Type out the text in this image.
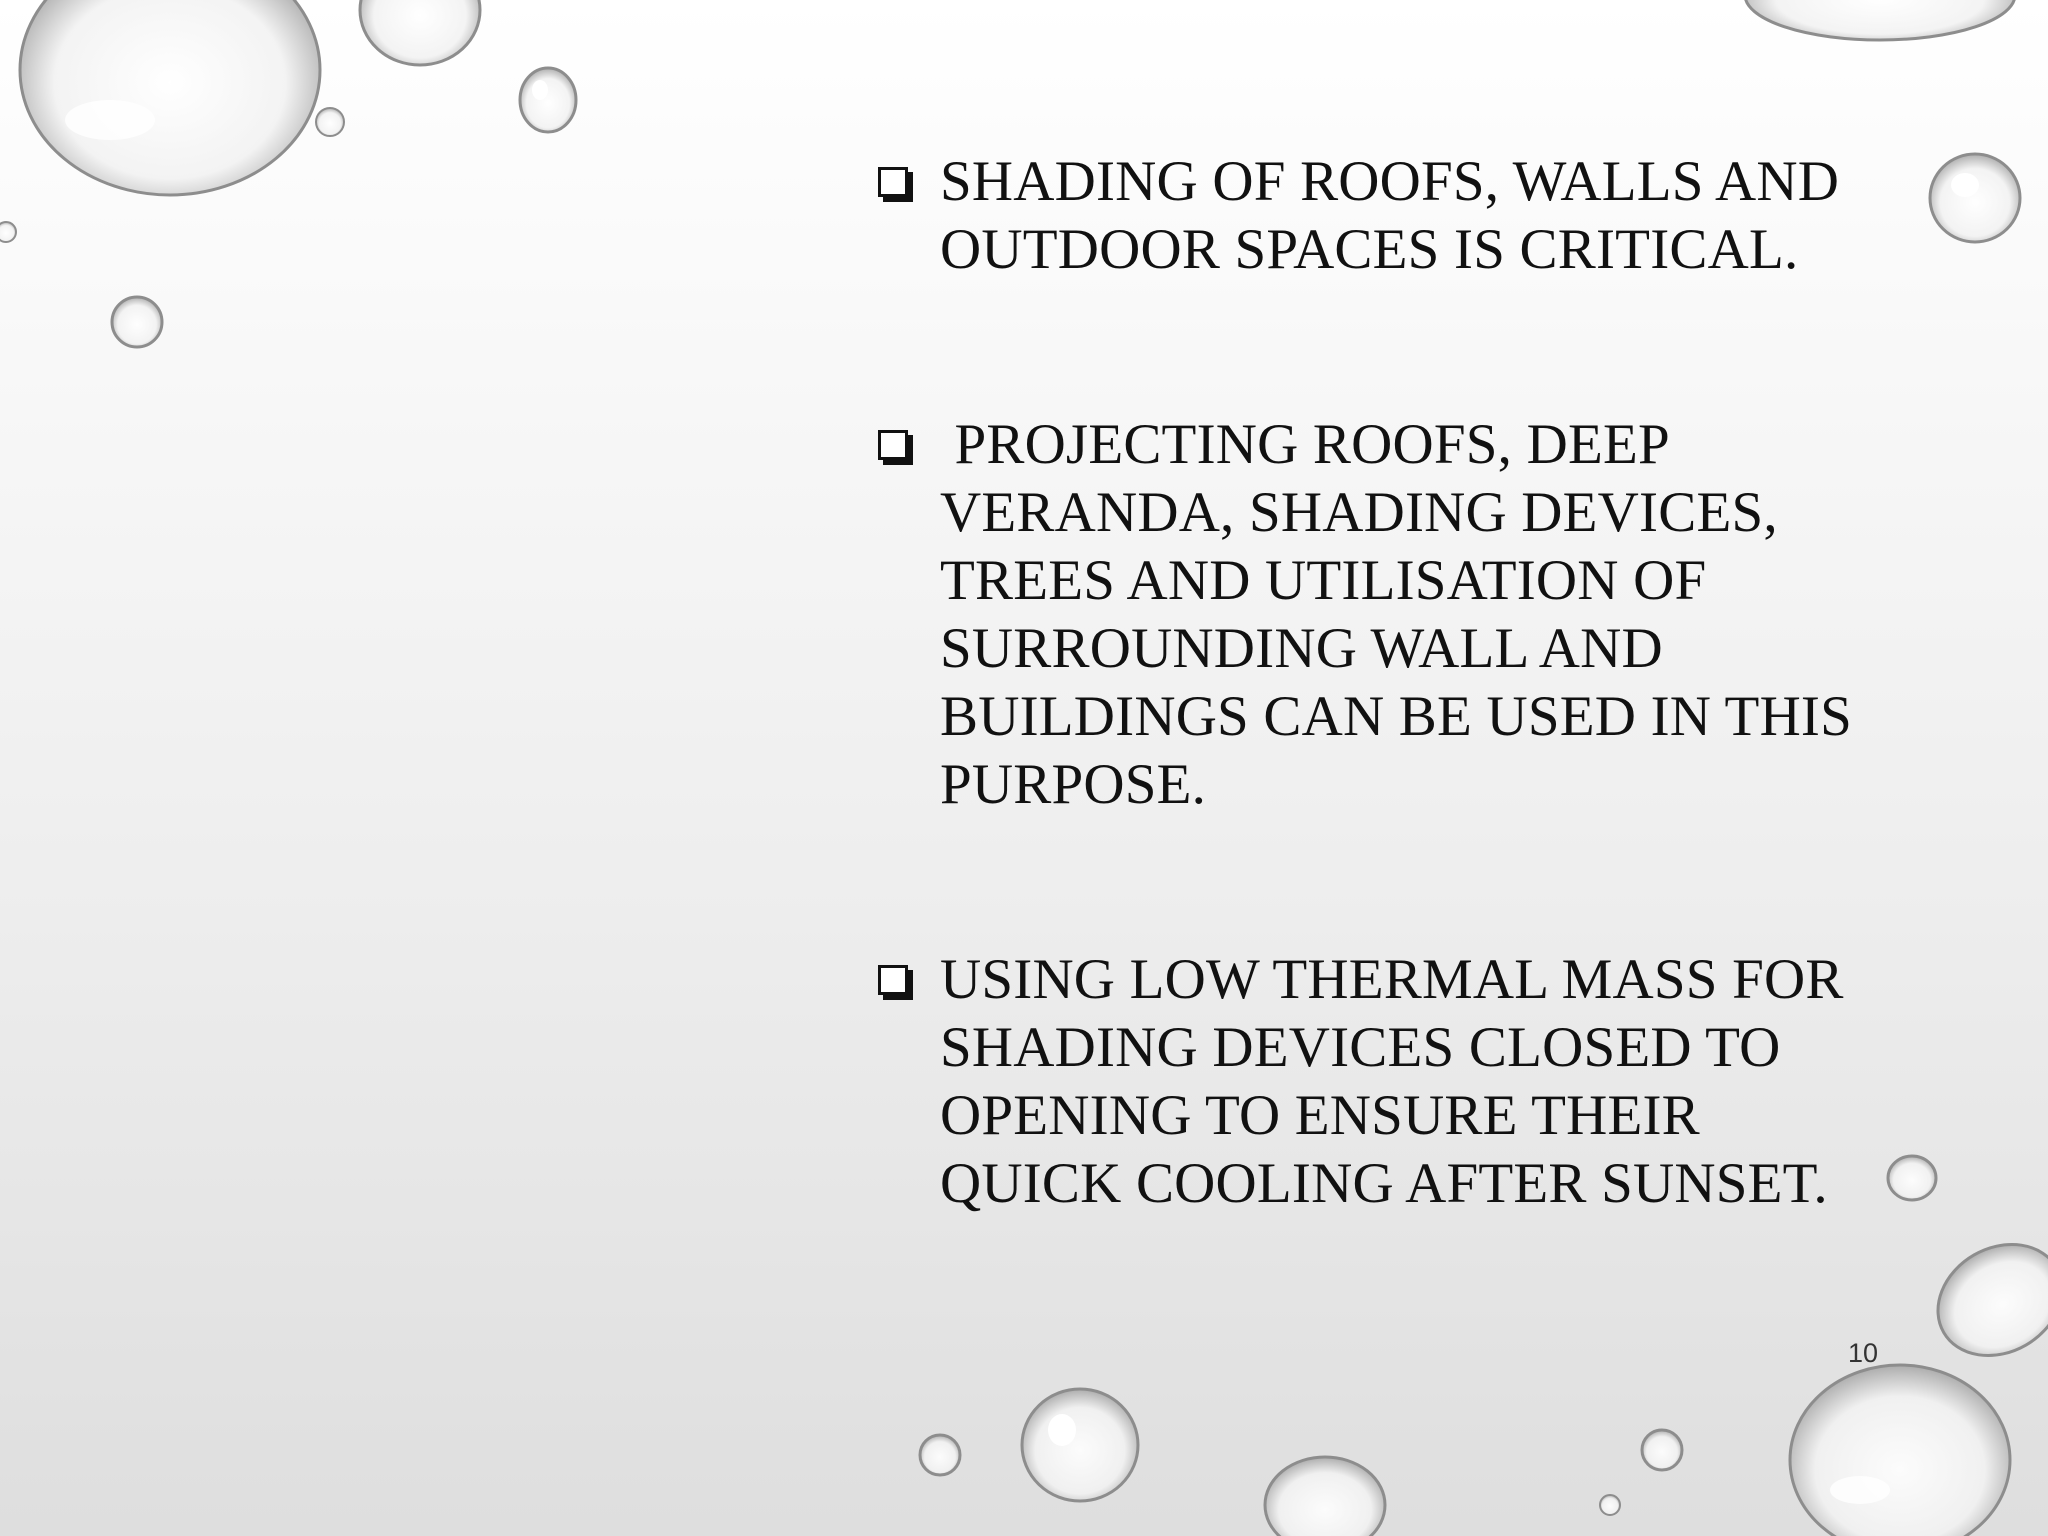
SHADING OF ROOFS, WALLS AND OUTDOOR SPACES IS CRITICAL.
PROJECTING ROOFS, DEEP VERANDA, SHADING DEVICES, TREES AND UTILISATION OF SURROUNDING WALL AND BUILDINGS CAN BE USED IN THIS PURPOSE.
USING LOW THERMAL MASS FOR SHADING DEVICES CLOSED TO OPENING TO ENSURE THEIR QUICK COOLING AFTER SUNSET.
10
